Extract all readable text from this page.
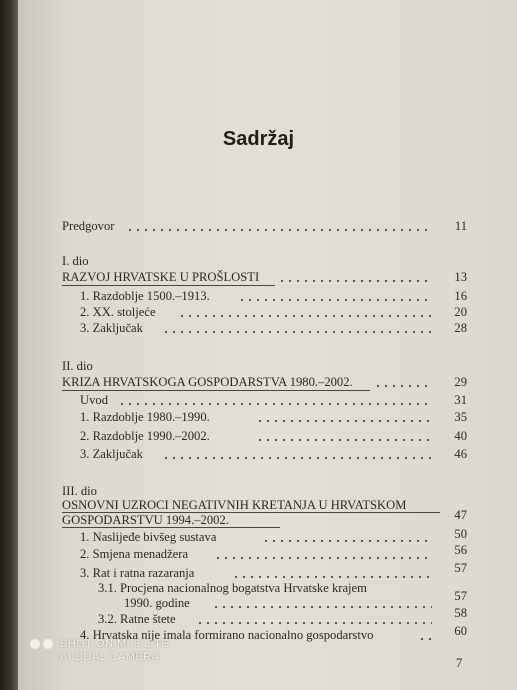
Sadržaj
Predgovor	11
I. dio
RAZVOJ HRVATSKE U PROŠLOSTI	13
1. Razdoblje 1500.–1913.	16
2. XX. stoljeće	20
3. Zaključak	28
II. dio
KRIZA HRVATSKOGA GOSPODARSTVA 1980.–2002.	29
Uvod	31
1. Razdoblje 1980.–1990.	35
2. Razdoblje 1990.–2002.	40
3. Zaključak	46
III. dio
OSNOVNI UZROCI NEGATIVNIH KRETANJA U HRVATSKOM
GOSPODARSTVU 1994.–2002.	47
1. Naslijeđe bivšeg sustava	50
2. Smjena menadžera	56
3. Rat i ratna razaranja	57
3.1. Procjena nacionalnog bogatstva Hrvatske krajem
1990. godine	57
3.2. Ratne štete	58
4. Hrvatska nije imala formirano nacionalno gospodarstvo	60
7
SHOT ON MI 8 LITE
AI DUAL CAMERA
